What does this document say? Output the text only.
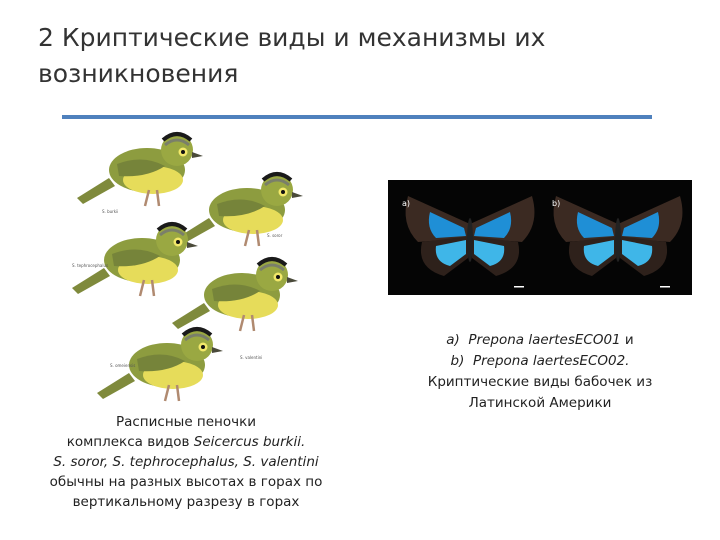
2 Криптические виды и механизмы их возникновения
S. burkii
S. soror
S. tephrocephalus
S. valentini
S. omeiensis
Расписные пеночки
комплекса видов Seicercus burkii.
S. soror, S. tephrocephalus, S. valentini
обычны на разных высотах в горах по
вертикальному разрезу в горах
a)	b)
a) Prepona laertesECO01 и
b) Prepona laertesECO02.
Криптические виды бабочек из
Латинской Америки
